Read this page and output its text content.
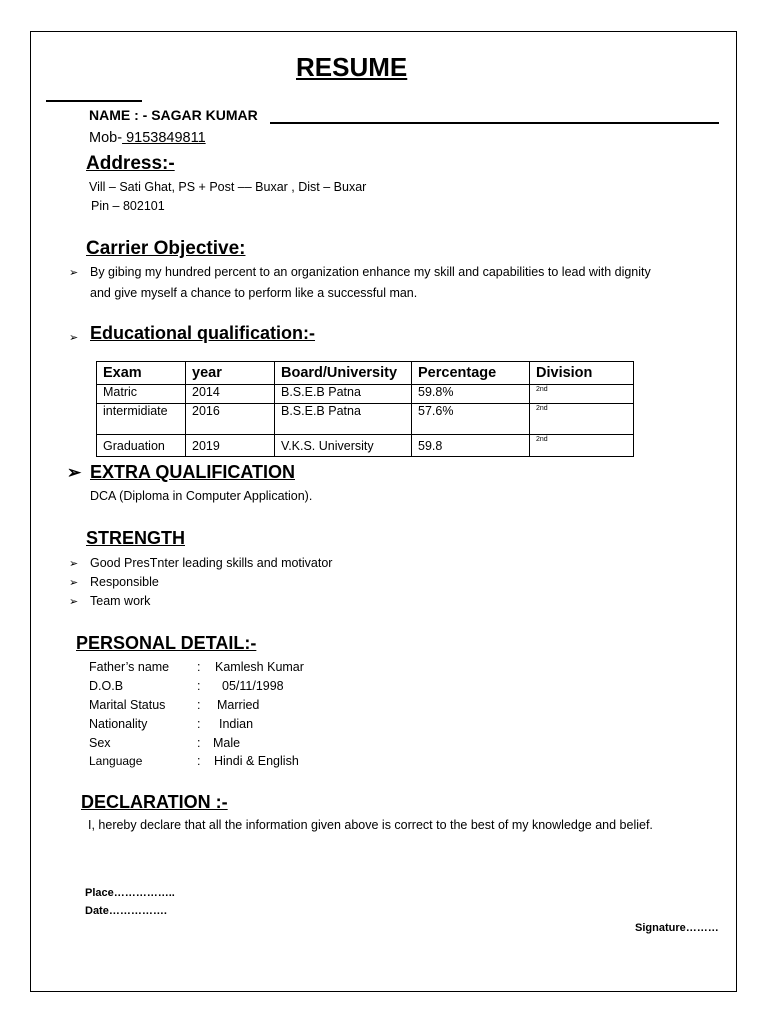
RESUME
NAME : - SAGAR KUMAR
Mob- 9153849811
Address:-
Vill – Sati Ghat, PS + Post –– Buxar , Dist – Buxar
Pin – 802101
Carrier Objective:
➢ By gibing my hundred percent to an organization enhance my skill and capabilities to lead with dignity
and give myself a chance to perform like a successful man.
➢ Educational qualification:-
Exam	year	Board/University	Percentage	Division
Matric	2014	B.S.E.B Patna	59.8%	$^{2nd}$
intermidiate	2016	B.S.E.B Patna	57.6%	$^{2nd}$
Graduation	2019	V.K.S. University	59.8	$^{2nd}$
➢ EXTRA QUALIFICATION
DCA (Diploma in Computer Application).
STRENGTH
➢ Good PresTnter leading skills and motivator
➢ Responsible
➢ Team work
PERSONAL DETAIL:-
Father’s name : Kamlesh Kumar
D.O.B	: 05/11/1998
Marital Status	: Married
Nationality	: Indian
Sex	: Male
Language	: Hindi & English
DECLARATION :-
I, hereby declare that all the information given above is correct to the best of my knowledge and belief.
Place……………..
Date…………….
Signature………
